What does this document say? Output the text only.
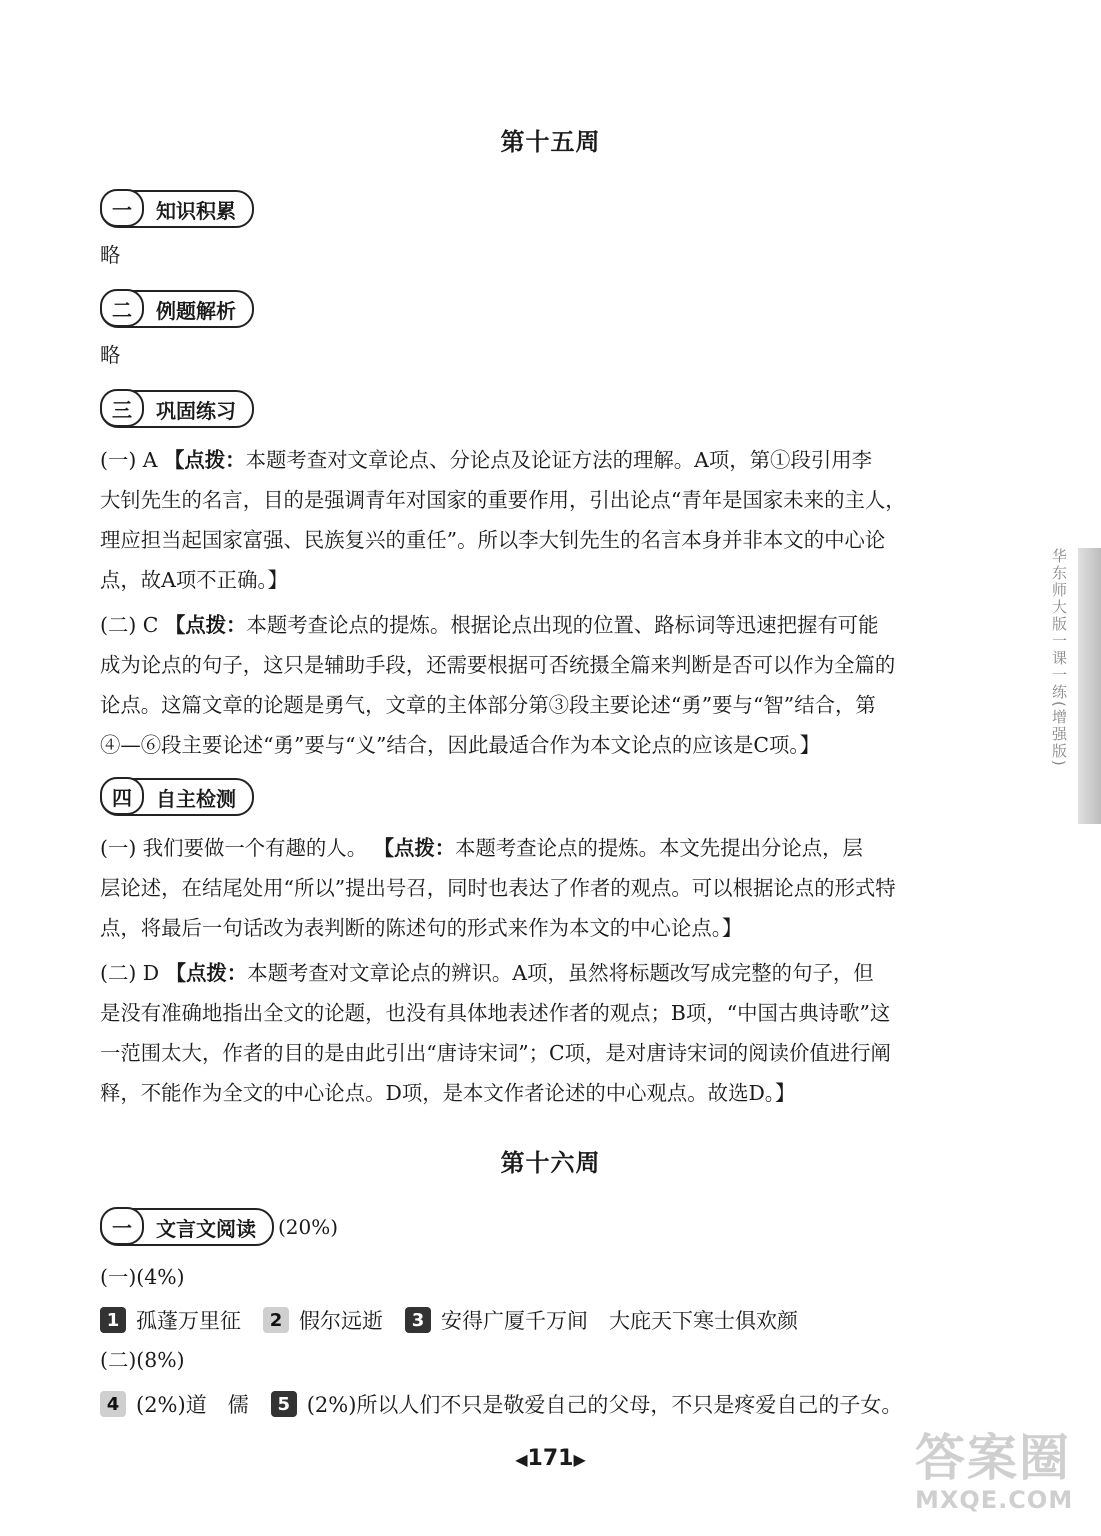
第十五周
一	知识积累
略
二	例题解析
略
三	巩固练习
(一) A 【点拨：本题考查对文章论点、分论点及论证方法的理解。A项，第①段引用李
大钊先生的名言，目的是强调青年对国家的重要作用，引出论点“青年是国家未来的主人，
理应担当起国家富强、民族复兴的重任”。所以李大钊先生的名言本身并非本文的中心论
点，故A项不正确。】
(二) C 【点拨：本题考查论点的提炼。根据论点出现的位置、路标词等迅速把握有可能
成为论点的句子，这只是辅助手段，还需要根据可否统摄全篇来判断是否可以作为全篇的
论点。这篇文章的论题是勇气，文章的主体部分第③段主要论述“勇”要与“智”结合，第
④—⑥段主要论述“勇”要与“义”结合，因此最适合作为本文论点的应该是C项。】
四	自主检测
(一) 我们要做一个有趣的人。 【点拨：本题考查论点的提炼。本文先提出分论点，层
层论述，在结尾处用“所以”提出号召，同时也表达了作者的观点。可以根据论点的形式特
点，将最后一句话改为表判断的陈述句的形式来作为本文的中心论点。】
(二) D 【点拨：本题考查对文章论点的辨识。A项，虽然将标题改写成完整的句子，但
是没有准确地指出全文的论题，也没有具体地表述作者的观点；B项，“中国古典诗歌”这
一范围太大，作者的目的是由此引出“唐诗宋词”；C项，是对唐诗宋词的阅读价值进行阐
释，不能作为全文的中心论点。D项，是本文作者论述的中心观点。故选D。】
第十六周
一	文言文阅读 (20%)
(一)(4%)
1 孤蓬万里征	2 假尔远逝	3 安得广厦千万间　大庇天下寒士俱欢颜
(二)(8%)
4 (2%)道　儒	5 (2%)所以人们不只是敬爱自己的父母，不只是疼爱自己的子女。
华东师大版一课一练(增强版)
◀171▶	答案圈
MXQE.COM
